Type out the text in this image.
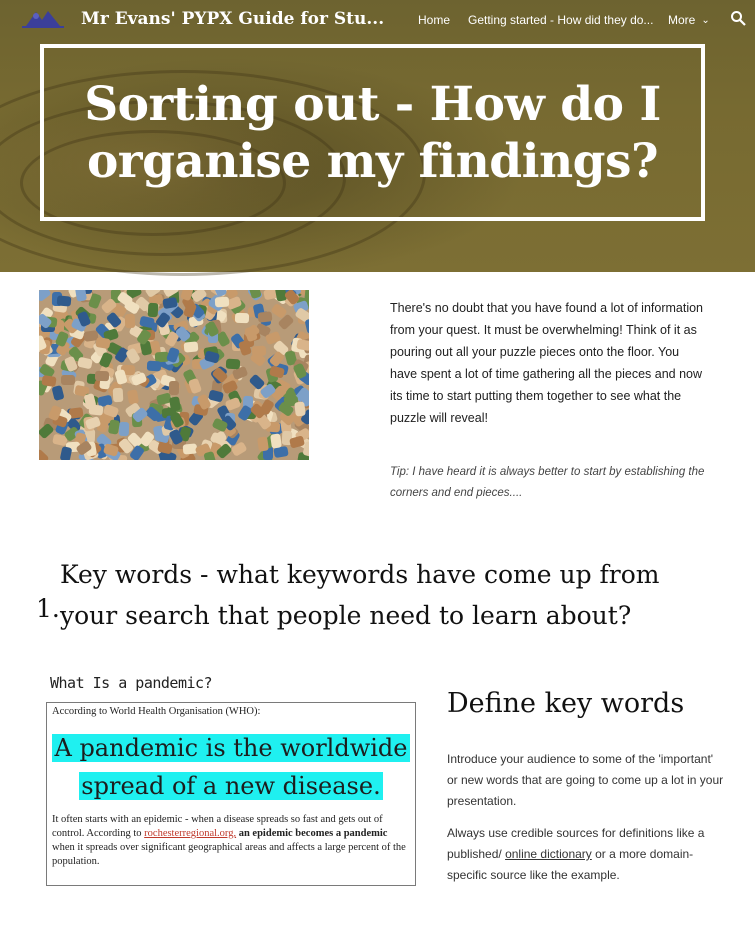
Mr Evans' PYPX Guide for Stu...	Home Getting started - How did they do... More ⌄
Sorting out - How do I
organise my findings?
There's no doubt that you have found a lot of information from your quest. It must be overwhelming! Think of it as pouring out all your puzzle pieces onto the floor. You have spent a lot of time gathering all the pieces and now its time to start putting them together to see what the puzzle will reveal!
Tip: I have heard it is always better to start by establishing the corners and end pieces....
1.
Key words - what keywords have come up from your search that people need to learn about?
What Is a pandemic?
According to World Health Organisation (WHO):
A pandemic is the worldwide
spread of a new disease.
It often starts with an epidemic - when a disease spreads so fast and gets out of control. According to rochesterregional.org, an epidemic becomes a pandemic when it spreads over significant geographical areas and affects a large percent of the population.
Define key words
Introduce your audience to some of the 'important' or new words that are going to come up a lot in your presentation.
Always use credible sources for definitions like a published/ online dictionary or a more domain-specific source like the example.
